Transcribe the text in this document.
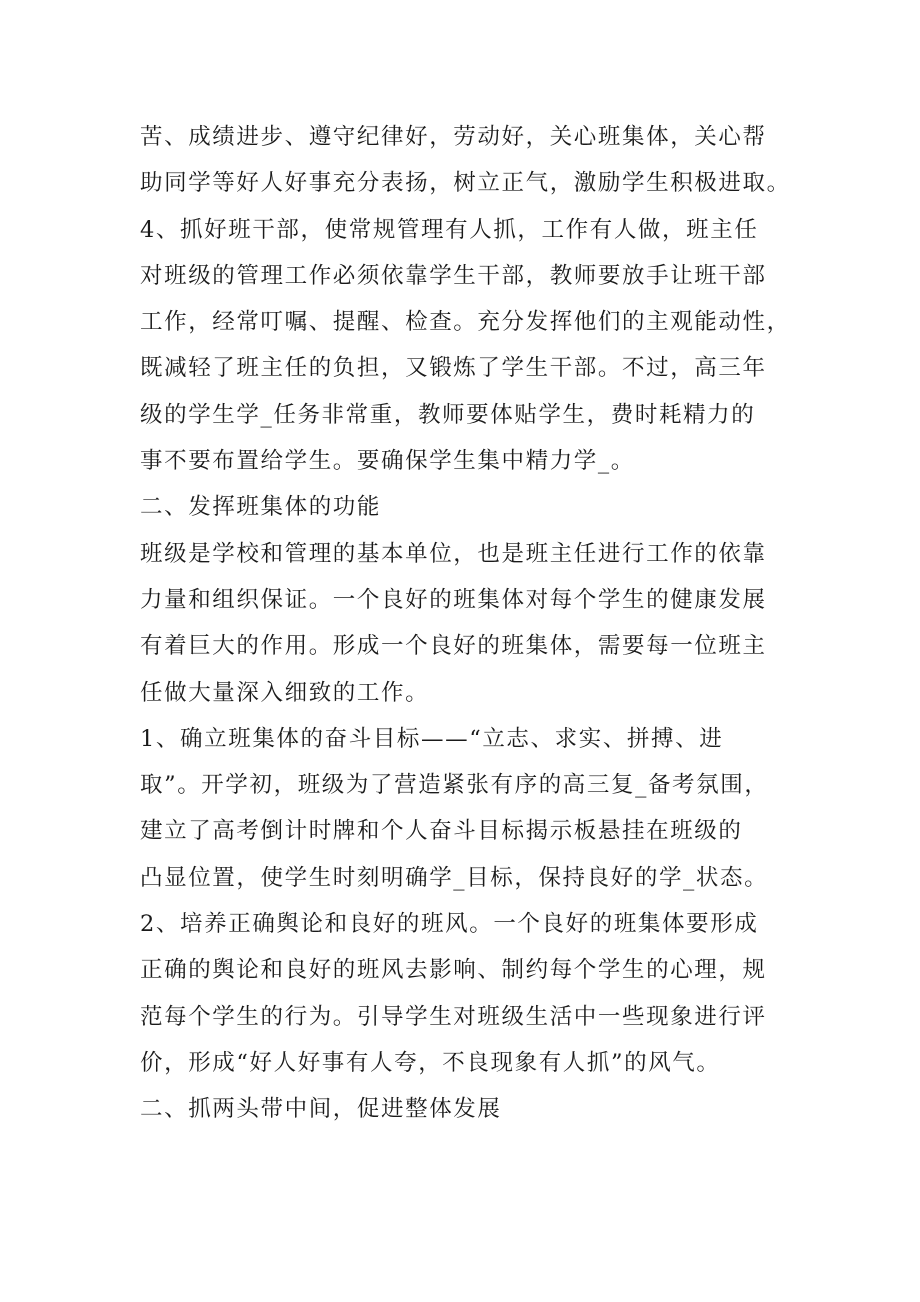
苦、成绩进步、遵守纪律好，劳动好，关心班集体，关心帮
助同学等好人好事充分表扬，树立正气，激励学生积极进取。
4、抓好班干部，使常规管理有人抓，工作有人做，班主任
对班级的管理工作必须依靠学生干部，教师要放手让班干部
工作，经常叮嘱、提醒、检查。充分发挥他们的主观能动性，
既减轻了班主任的负担，又锻炼了学生干部。不过，高三年
级的学生学_任务非常重，教师要体贴学生，费时耗精力的
事不要布置给学生。要确保学生集中精力学_。
二、发挥班集体的功能
班级是学校和管理的基本单位，也是班主任进行工作的依靠
力量和组织保证。一个良好的班集体对每个学生的健康发展
有着巨大的作用。形成一个良好的班集体，需要每一位班主
任做大量深入细致的工作。
1、确立班集体的奋斗目标——“立志、求实、拼搏、进
取”。开学初，班级为了营造紧张有序的高三复_备考氛围，
建立了高考倒计时牌和个人奋斗目标揭示板悬挂在班级的
凸显位置，使学生时刻明确学_目标，保持良好的学_状态。
2、培养正确舆论和良好的班风。一个良好的班集体要形成
正确的舆论和良好的班风去影响、制约每个学生的心理，规
范每个学生的行为。引导学生对班级生活中一些现象进行评
价，形成“好人好事有人夸，不良现象有人抓”的风气。
二、抓两头带中间，促进整体发展
